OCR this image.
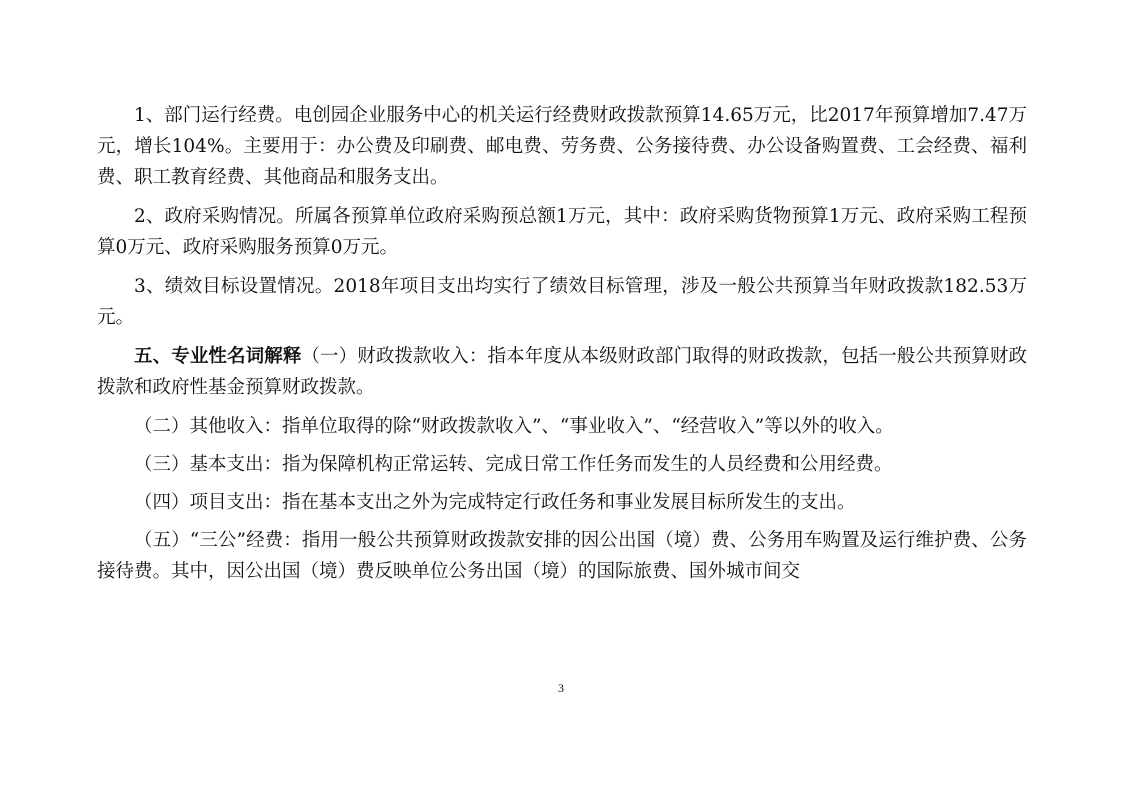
1、部门运行经费。电创园企业服务中心的机关运行经费财政拨款预算14.65万元，比2017年预算增加7.47万元，增长104%。主要用于：办公费及印刷费、邮电费、劳务费、公务接待费、办公设备购置费、工会经费、福利费、职工教育经费、其他商品和服务支出。

2、政府采购情况。所属各预算单位政府采购预总额1万元，其中：政府采购货物预算1万元、政府采购工程预算0万元、政府采购服务预算0万元。

3、绩效目标设置情况。2018年项目支出均实行了绩效目标管理，涉及一般公共预算当年财政拨款182.53万元。

五、专业性名词解释（一）财政拨款收入：指本年度从本级财政部门取得的财政拨款，包括一般公共预算财政拨款和政府性基金预算财政拨款。

（二）其他收入：指单位取得的除“财政拨款收入”、“事业收入”、“经营收入”等以外的收入。

（三）基本支出：指为保障机构正常运转、完成日常工作任务而发生的人员经费和公用经费。

（四）项目支出：指在基本支出之外为完成特定行政任务和事业发展目标所发生的支出。

（五）“三公”经费：指用一般公共预算财政拨款安排的因公出国（境）费、公务用车购置及运行维护费、公务接待费。其中，因公出国（境）费反映单位公务出国（境）的国际旅费、国外城市间交

3
